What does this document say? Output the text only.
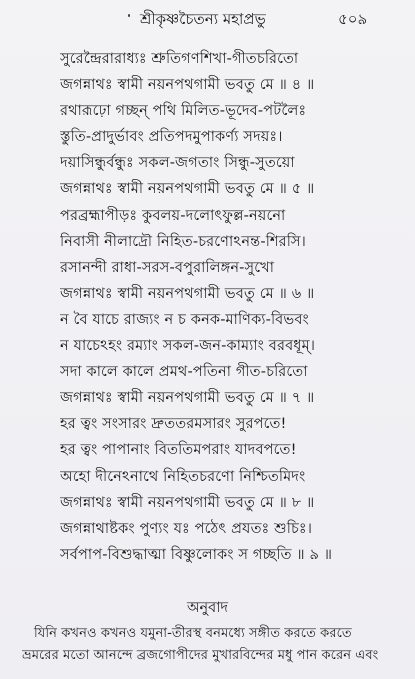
শ্রীকৃষ্ণচৈতন্য মহাপ্রভু	৫০৯
সুরেন্দ্রৈরারাধ্যঃ শ্রুতিগণশিখা-গীতচরিতো
জগন্নাথঃ স্বামী নয়নপথগামী ভবতু মে ॥ ৪ ॥
রথারূঢ়ো গচ্ছন্ পথি মিলিত-ভূদেব-পটলৈঃ
স্তুতি-প্রাদুর্ভাবং প্রতিপদমুপাকর্ণ্য সদয়ঃ।
দয়াসিন্ধুর্বন্ধুঃ সকল-জগতাং সিন্ধু-সুতয়ো
জগন্নাথঃ স্বামী নয়নপথগামী ভবতু মে ॥ ৫ ॥
পরব্রহ্মাপীড়ঃ কুবলয়-দলোৎফুল্ল-নয়নো
নিবাসী নীলাদ্রৌ নিহিত-চরণোঽনন্ত-শিরসি।
রসানন্দী রাধা-সরস-বপুরালিঙ্গন-সুখো
জগন্নাথঃ স্বামী নয়নপথগামী ভবতু মে ॥ ৬ ॥
ন বৈ যাচে রাজ্যং ন চ কনক-মাণিক্য-বিভবং
ন যাচেঽহং রম্যাং সকল-জন-কাম্যাং বরবধূম্।
সদা কালে কালে প্রমথ-পতিনা গীত-চরিতো
জগন্নাথঃ স্বামী নয়নপথগামী ভবতু মে ॥ ৭ ॥
হর ত্বং সংসারং দ্রুততরমসারং সুরপতে!
হর ত্বং পাপানাং বিততিমপরাং যাদবপতে!
অহো দীনেঽনাথে নিহিতচরণো নিশ্চিতমিদং
জগন্নাথঃ স্বামী নয়নপথগামী ভবতু মে ॥ ৮ ॥
জগন্নাথাষ্টকং পুণ্যং যঃ পঠেৎ প্রযতঃ শুচিঃ।
সর্বপাপ-বিশুদ্ধাত্মা বিষ্ণুলোকং স গচ্ছতি ॥ ৯ ॥
অনুবাদ
যিনি কখনও কখনও যমুনা-তীরস্থ বনমধ্যে সঙ্গীত করতে করতে
ভ্রমরের মতো আনন্দে ব্রজগোপীদের মুখারবিন্দের মধু পান করেন এবং
